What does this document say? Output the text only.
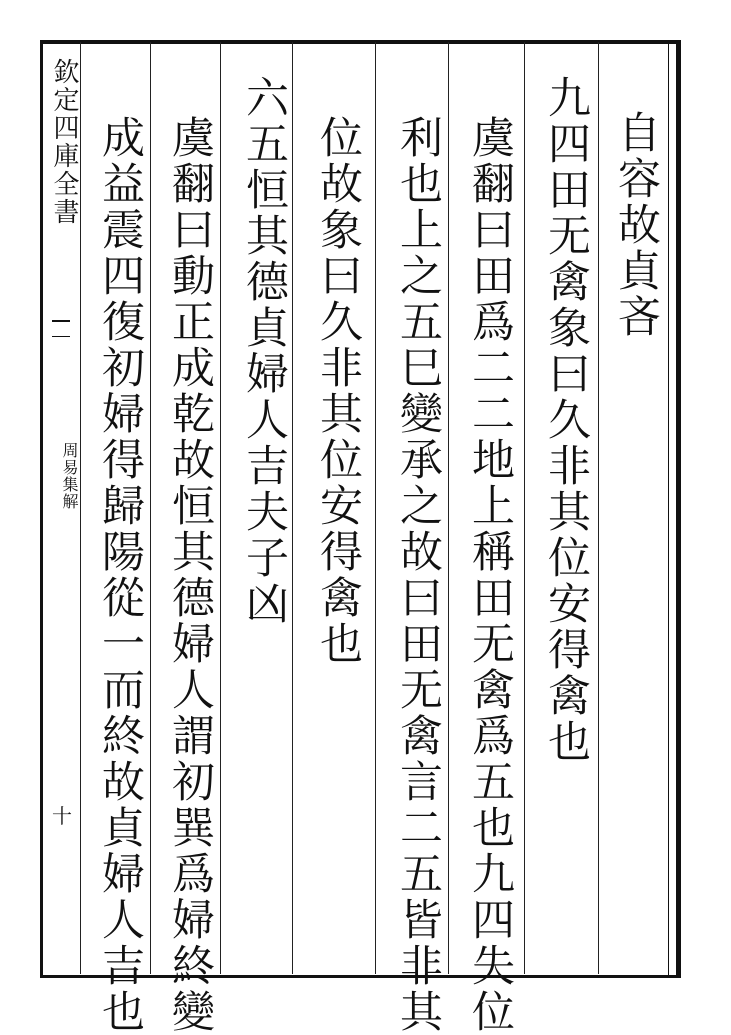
欽定四庫全書
周易集解
十
自容故貞吝
九四田无禽象曰久非其位安得禽也
虞翻曰田爲二二地上稱田无禽爲五也九四失位
利也上之五巳變承之故曰田无禽言二五皆非其
位故象曰久非其位安得禽也
六五恒其德貞婦人吉夫子凶
虞翻曰動正成乾故恒其德婦人謂初巽爲婦終變
成益震四復初婦得歸陽從一而終故貞婦人吉也
